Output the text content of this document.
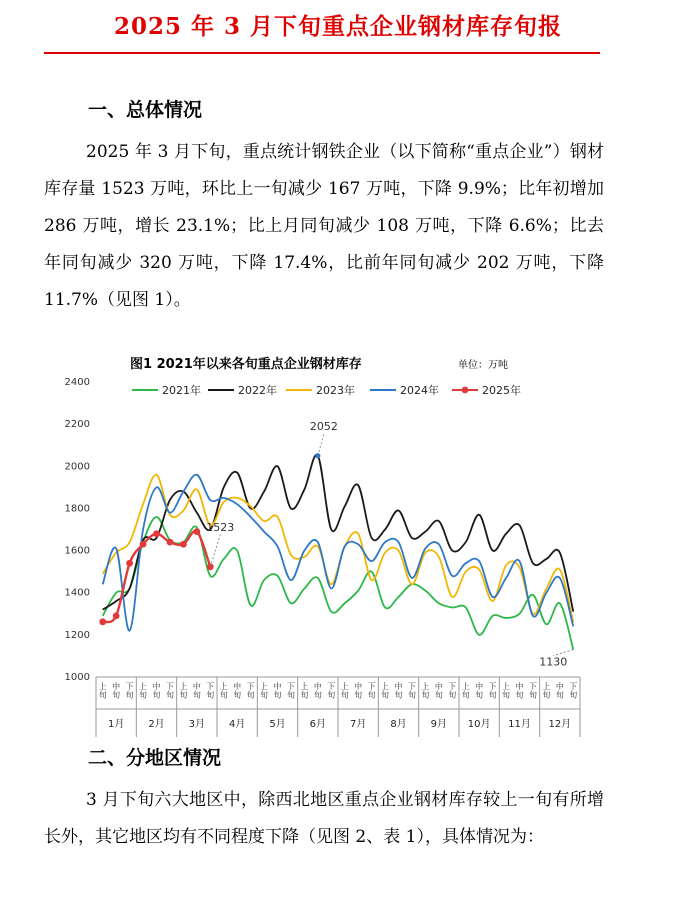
2025 年 3 月下旬重点企业钢材库存旬报
一、总体情况
2025 年 3 月下旬，重点统计钢铁企业（以下简称“重点企业”）钢材库存量 1523 万吨，环比上一旬减少 167 万吨，下降 9.9%；比年初增加 286 万吨，增长 23.1%；比上月同旬减少 108 万吨，下降 6.6%；比去年同旬减少 320 万吨，下降 17.4%，比前年同旬减少 202 万吨，下降 11.7%（见图 1）。
图1 2021年以来各旬重点企业钢材库存	单位：万吨
2021年	2022年	2023年	2024年	2025年
1000
1200
1400
1600
1800
2000
2200
2400
上旬
中旬
下旬
上旬
中旬
下旬
上旬
中旬
下旬
上旬
中旬
下旬
上旬
中旬
下旬
上旬
中旬
下旬
上旬
中旬
下旬
上旬
中旬
下旬
上旬
中旬
下旬
上旬
中旬
下旬
上旬
中旬
下旬
上旬
中旬
下旬
1月 2月 3月 4月 5月 6月 7月 8月 9月 10月 11月 12月
1523
2052
1130
二、分地区情况
3 月下旬六大地区中，除西北地区重点企业钢材库存较上一旬有所增长外，其它地区均有不同程度下降（见图 2、表 1），具体情况为：
